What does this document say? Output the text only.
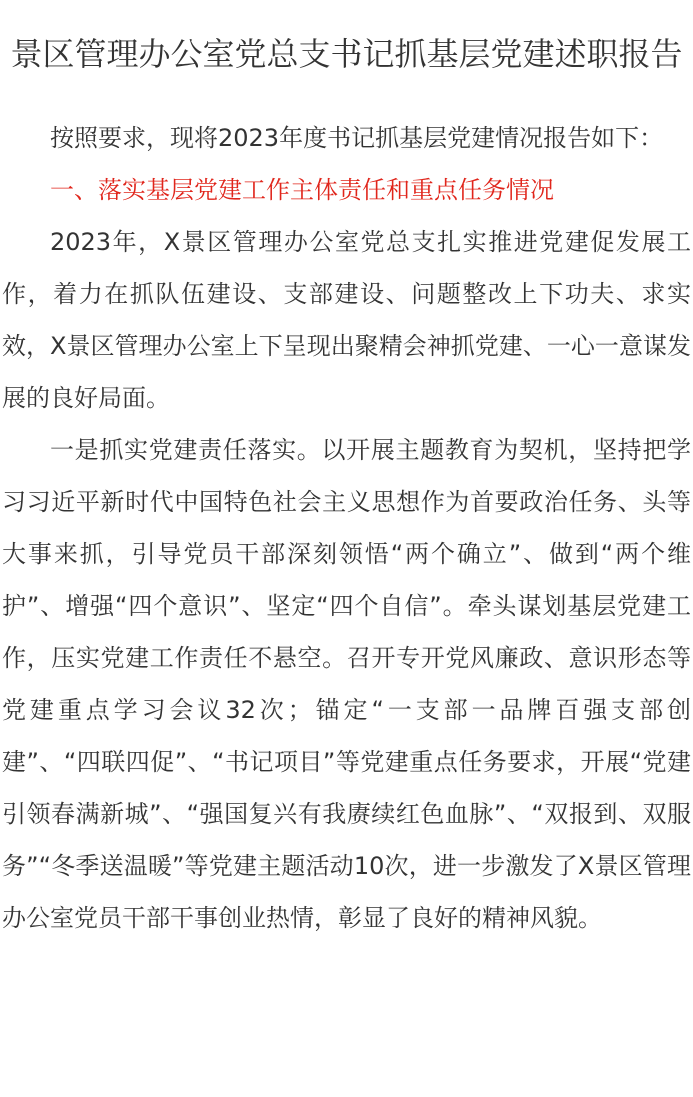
景区管理办公室党总支书记抓基层党建述职报告

按照要求，现将2023年度书记抓基层党建情况报告如下：

一、落实基层党建工作主体责任和重点任务情况

2023年，X景区管理办公室党总支扎实推进党建促发展工作，着力在抓队伍建设、支部建设、问题整改上下功夫、求实效，X景区管理办公室上下呈现出聚精会神抓党建、一心一意谋发展的良好局面。

一是抓实党建责任落实。以开展主题教育为契机，坚持把学习习近平新时代中国特色社会主义思想作为首要政治任务、头等大事来抓，引导党员干部深刻领悟“两个确立”、做到“两个维护”、增强“四个意识”、坚定“四个自信”。牵头谋划基层党建工作，压实党建工作责任不悬空。召开专开党风廉政、意识形态等党建重点学习会议32次；锚定“一支部一品牌百强支部创建”、“四联四促”、“书记项目”等党建重点任务要求，开展“党建引领春满新城”、“强国复兴有我赓续红色血脉”、“双报到、双服务”“冬季送温暖”等党建主题活动10次，进一步激发了X景区管理办公室党员干部干事创业热情，彰显了良好的精神风貌。
